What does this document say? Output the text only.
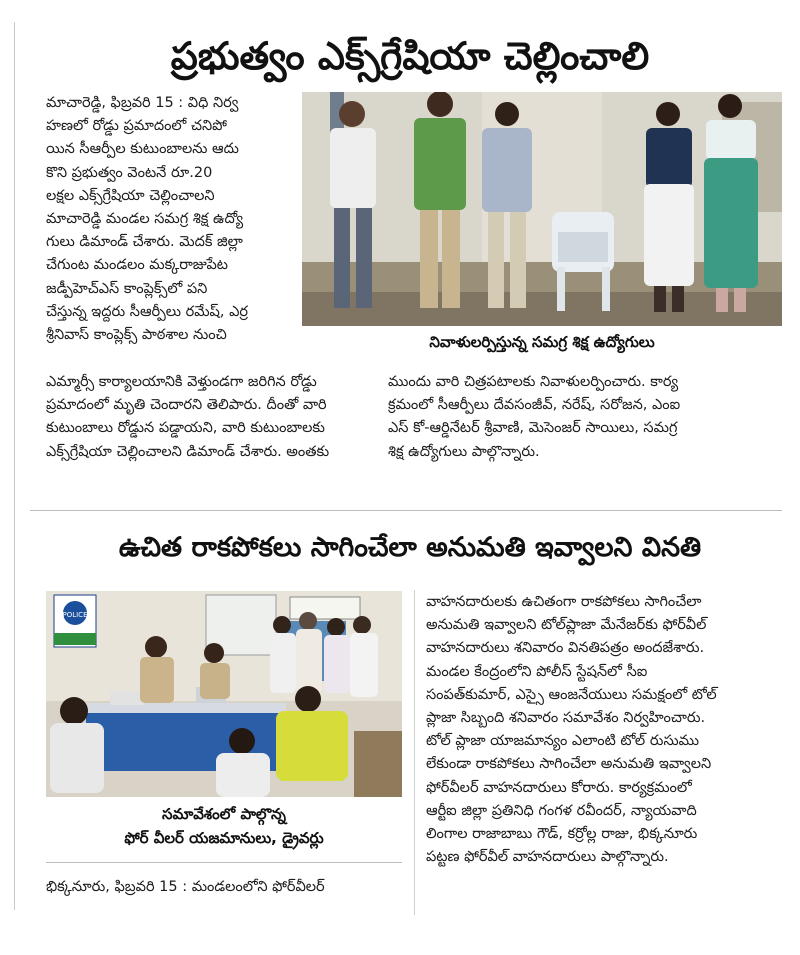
ప్రభుత్వం ఎక్స్‌గ్రేషియా చెల్లించాలి

మాచారెడ్డి, ఫిబ్రవరి 15 : విధి నిర్వ

హణలో రోడ్డు ప్రమాదంలో చనిపో

యిన సీఆర్పీల కుటుంబాలను ఆదు

కొని ప్రభుత్వం వెంటనే రూ.20

లక్షల ఎక్స్‌గ్రేషియా చెల్లించాలని

మాచారెడ్డి మండల సమగ్ర శిక్ష ఉద్యో

గులు డిమాండ్ చేశారు. మెదక్ జిల్లా

చేగుంట మండలం మక్కరాజుపేట

జడ్పీహెచ్ఎస్ కాంప్లెక్స్‌లో పని

చేస్తున్న ఇద్దరు సీఆర్పీలు రమేష్, ఎర్ర

శ్రీనివాస్ కాంప్లెక్స్ పాఠశాల నుంచి	నివాళులర్పిస్తున్న సమగ్ర శిక్ష ఉద్యోగులు

ఎమ్మార్సీ కార్యాలయానికి వెళ్తుండగా జరిగిన రోడ్డు

ప్రమాదంలో మృతి చెందారని తెలిపారు. దీంతో వారి

కుటుంబాలు రోడ్డున పడ్డాయని, వారి కుటుంబాలకు

ఎక్స్‌గ్రేషియా చెల్లించాలని డిమాండ్ చేశారు. అంతకు

ముందు వారి చిత్రపటాలకు నివాళులర్పించారు. కార్య

క్రమంలో సీఆర్పీలు దేవసంజీవ్, నరేష్, సరోజన, ఎంఐ

ఎస్ కో-ఆర్డినేటర్ శ్రీవాణి, మెసెంజర్ సాయిలు, సమగ్ర

శిక్ష ఉద్యోగులు పాల్గొన్నారు.

ఉచిత రాకపోకలు సాగించేలా అనుమతి ఇవ్వాలని వినతి
POLICE
సమావేశంలో పాల్గొన్న
ఫోర్ వీలర్ యజమానులు, డ్రైవర్లు

భిక్కనూరు, ఫిబ్రవరి 15 : మండలంలోని ఫోర్‌వీలర్

వాహనదారులకు ఉచితంగా రాకపోకలు సాగించేలా

అనుమతి ఇవ్వాలని టోల్‌ప్లాజా మేనేజర్‌కు ఫోర్‌వీల్

వాహనదారులు శనివారం వినతిపత్రం అందజేశారు.

మండల కేంద్రంలోని పోలీస్ స్టేషన్‌లో సీఐ

సంపత్‌కుమార్, ఎస్సై ఆంజనేయులు సమక్షంలో టోల్

ప్లాజా సిబ్బంది శనివారం సమావేశం నిర్వహించారు.

టోల్ ప్లాజా యాజమాన్యం ఎలాంటి టోల్ రుసుము

లేకుండా రాకపోకలు సాగించేలా అనుమతి ఇవ్వాలని

ఫోర్‌వీలర్ వాహనదారులు కోరారు. కార్యక్రమంలో

ఆర్టీఐ జిల్లా ప్రతినిధి గంగళ రవీందర్, న్యాయవాది

లింగాల రాజాబాబు గౌడ్, కర్రోల్ల రాజు, భిక్కనూరు

పట్టణ ఫోర్‌వీల్ వాహనదారులు పాల్గొన్నారు.
